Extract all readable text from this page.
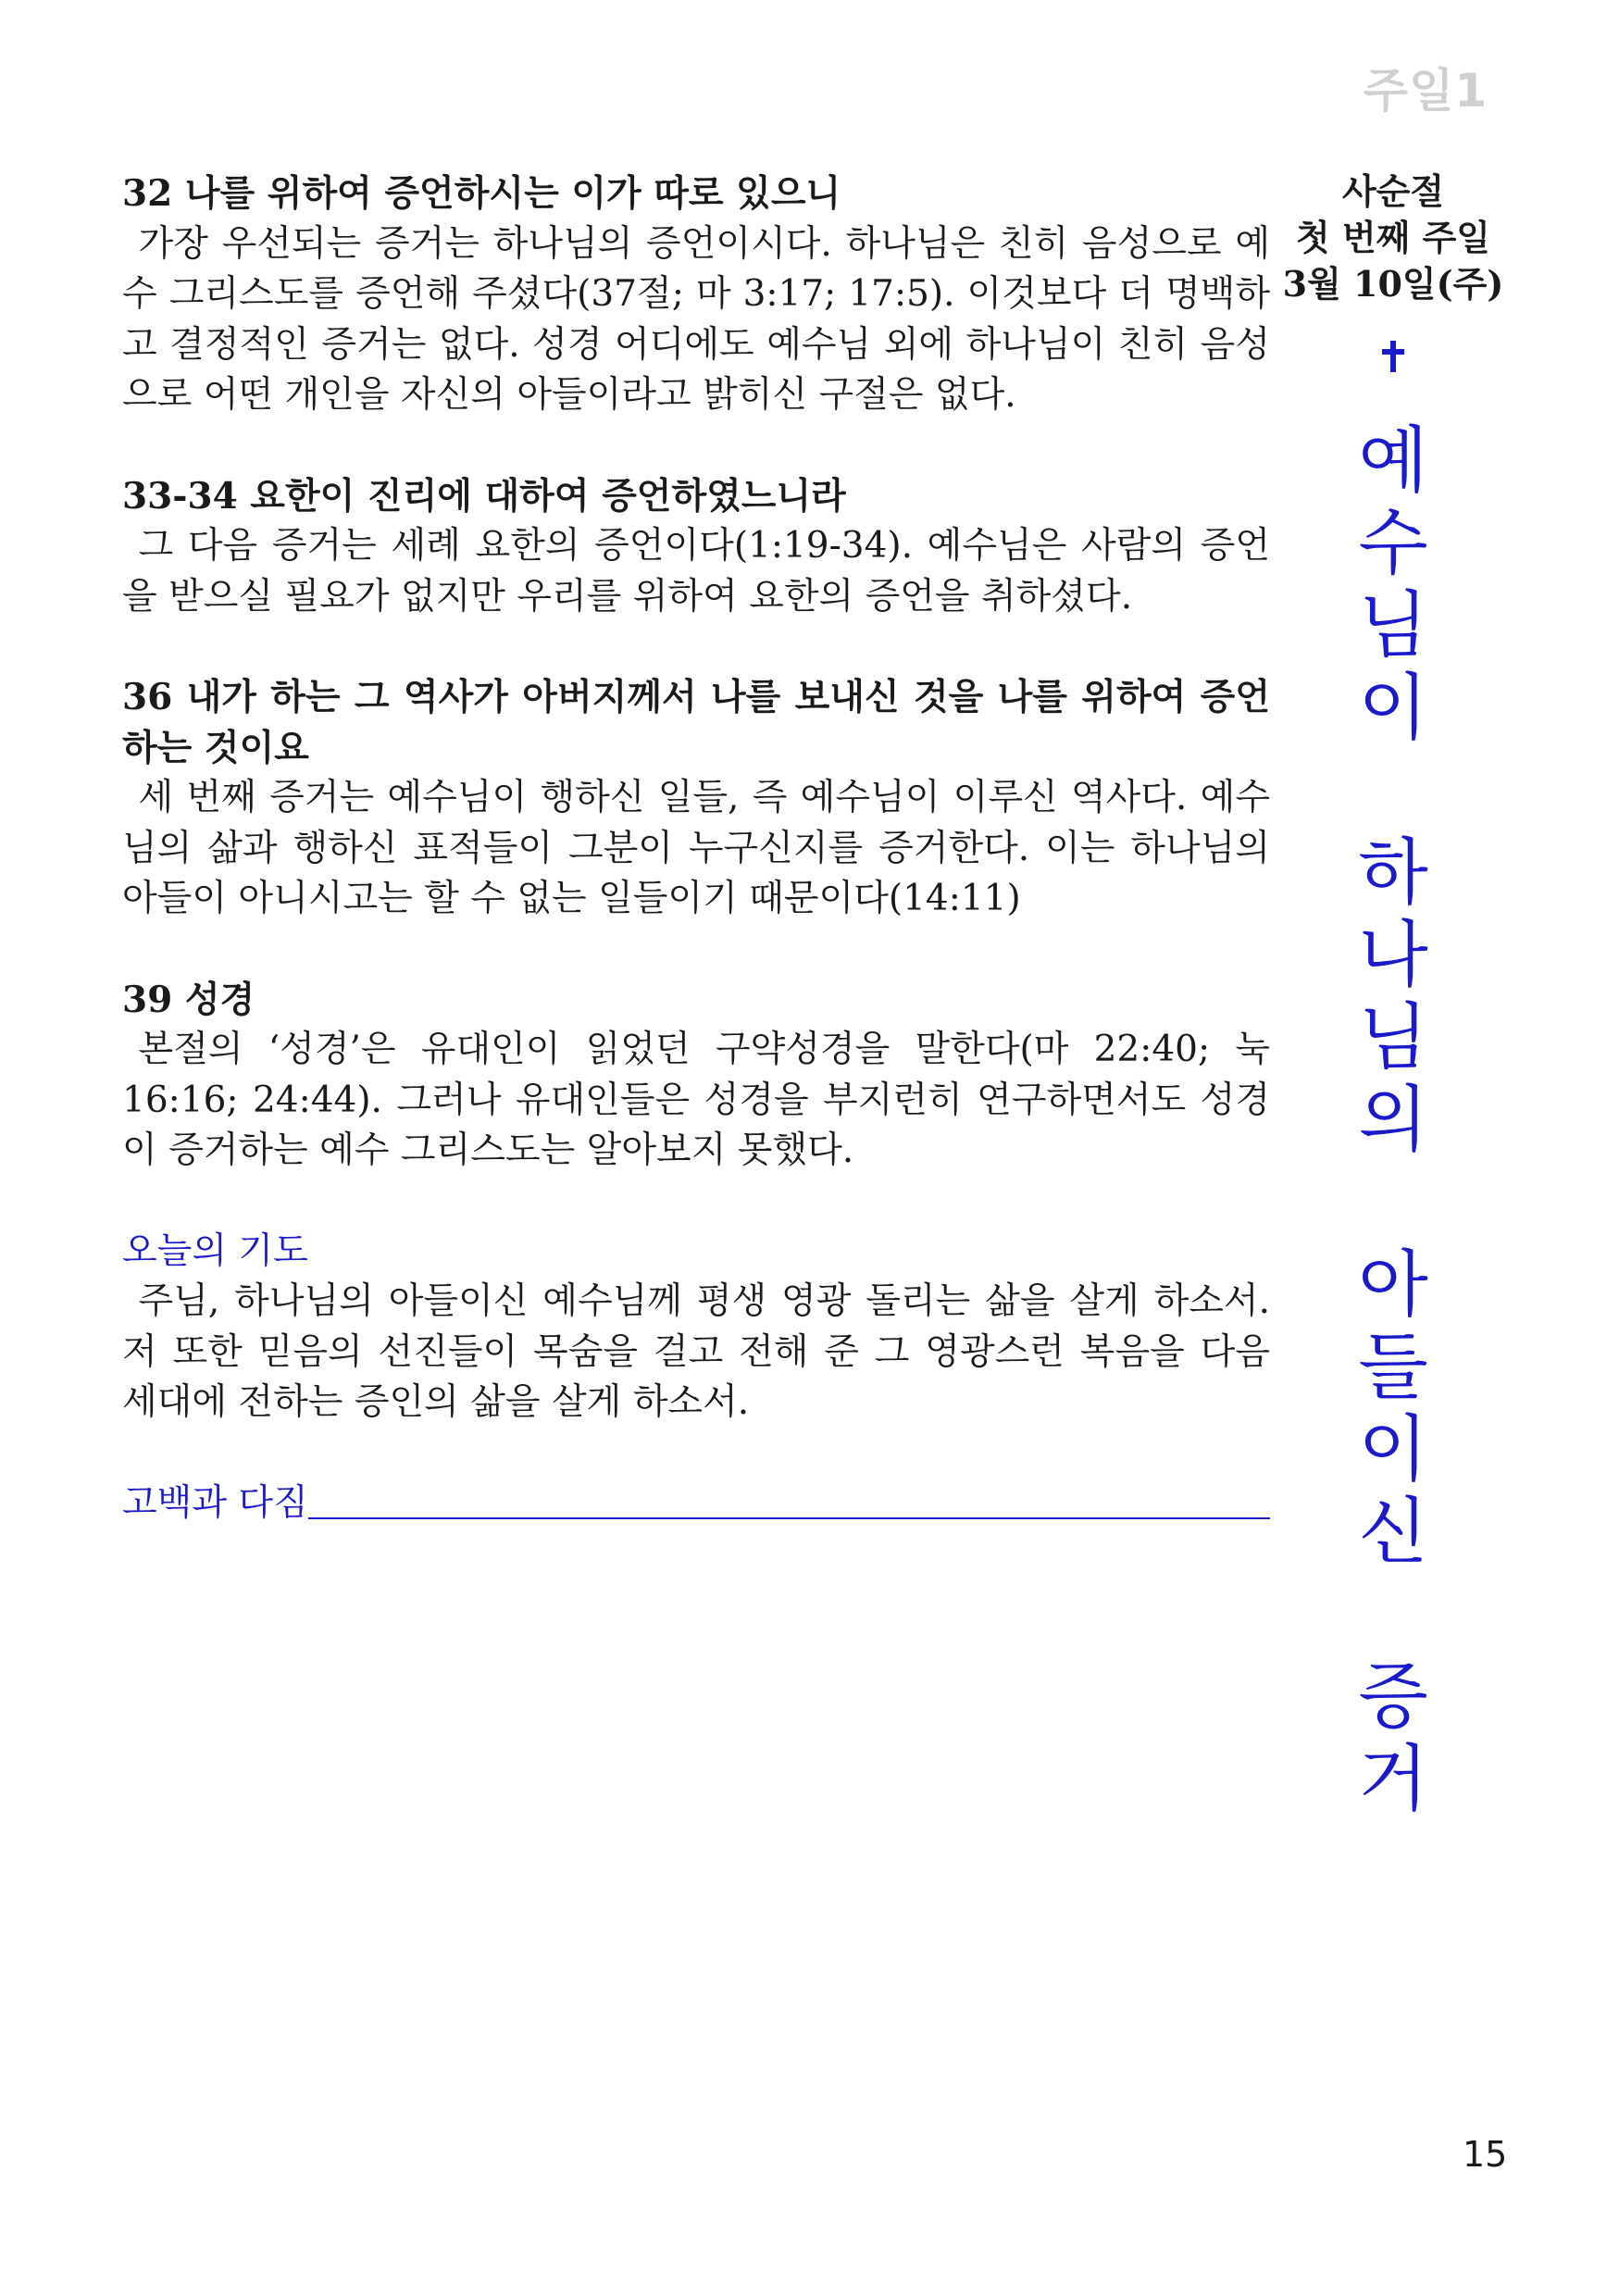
주일1
32 나를 위하여 증언하시는 이가 따로 있으니
가장 우선되는 증거는 하나님의 증언이시다. 하나님은 친히 음성으로 예수 그리스도를 증언해 주셨다(37절; 마 3:17; 17:5). 이것보다 더 명백하고 결정적인 증거는 없다. 성경 어디에도 예수님 외에 하나님이 친히 음성으로 어떤 개인을 자신의 아들이라고 밝히신 구절은 없다.
33-34 요한이 진리에 대하여 증언하였느니라
그 다음 증거는 세례 요한의 증언이다(1:19-34). 예수님은 사람의 증언을 받으실 필요가 없지만 우리를 위하여 요한의 증언을 취하셨다.
36 내가 하는 그 역사가 아버지께서 나를 보내신 것을 나를 위하여 증언하는 것이요
세 번째 증거는 예수님이 행하신 일들, 즉 예수님이 이루신 역사다. 예수님의 삶과 행하신 표적들이 그분이 누구신지를 증거한다. 이는 하나님의 아들이 아니시고는 할 수 없는 일들이기 때문이다(14:11)
39 성경
본절의 ‘성경’은 유대인이 읽었던 구약성경을 말한다(마 22:40; 눅 16:16; 24:44). 그러나 유대인들은 성경을 부지런히 연구하면서도 성경이 증거하는 예수 그리스도는 알아보지 못했다.
오늘의 기도
주님, 하나님의 아들이신 예수님께 평생 영광 돌리는 삶을 살게 하소서. 저 또한 믿음의 선진들이 목숨을 걸고 전해 준 그 영광스런 복음을 다음 세대에 전하는 증인의 삶을 살게 하소서.
고백과 다짐
사순절
첫 번째 주일
3월 10일(주)
예
수
님
이
하
나
님
의
아
들
이
신
증
거
15
